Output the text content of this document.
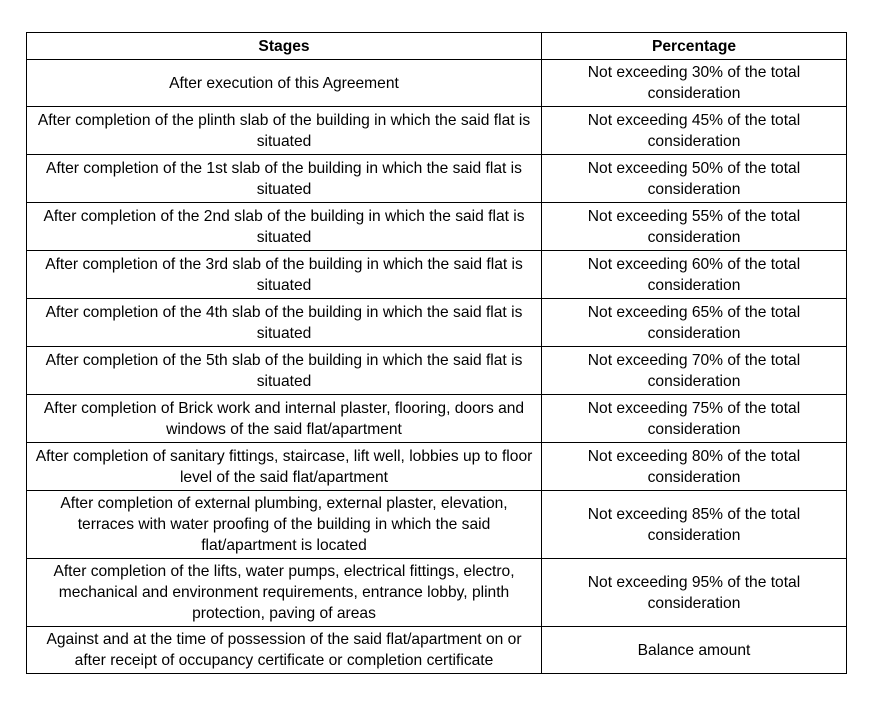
Stages	Percentage
After execution of this Agreement	Not exceeding 30% of the total consideration
After completion of the plinth slab of the building in which the said flat is situated	Not exceeding 45% of the total consideration
After completion of the 1st slab of the building in which the said flat is situated	Not exceeding 50% of the total consideration
After completion of the 2nd slab of the building in which the said flat is situated	Not exceeding 55% of the total consideration
After completion of the 3rd slab of the building in which the said flat is situated	Not exceeding 60% of the total consideration
After completion of the 4th slab of the building in which the said flat is situated	Not exceeding 65% of the total consideration
After completion of the 5th slab of the building in which the said flat is situated	Not exceeding 70% of the total consideration
After completion of Brick work and internal plaster, flooring, doors and windows of the said flat/apartment	Not exceeding 75% of the total consideration
After completion of sanitary fittings, staircase, lift well, lobbies up to floor level of the said flat/apartment	Not exceeding 80% of the total consideration
After completion of external plumbing, external plaster, elevation, terraces with water proofing of the building in which the said flat/apartment is located	Not exceeding 85% of the total consideration
After completion of the lifts, water pumps, electrical fittings, electro, mechanical and environment requirements, entrance lobby, plinth protection, paving of areas	Not exceeding 95% of the total consideration
Against and at the time of possession of the said flat/apartment on or after receipt of occupancy certificate or completion certificate	Balance amount
